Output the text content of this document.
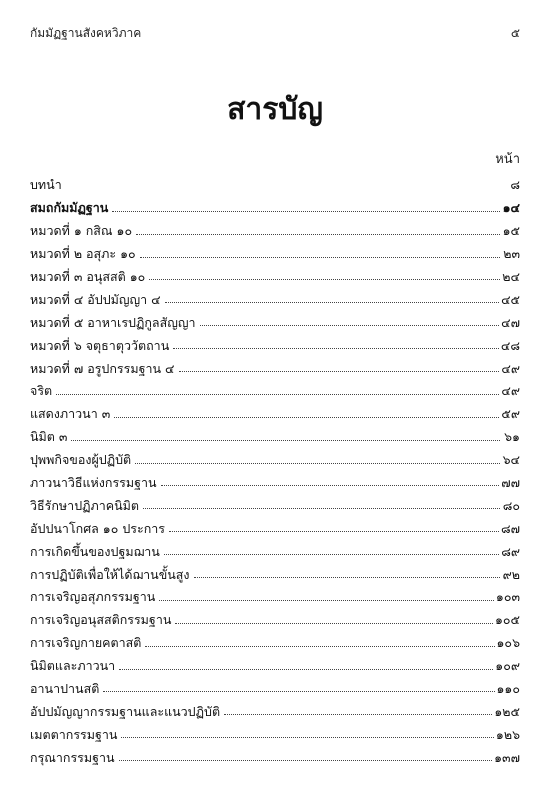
กัมมัฏฐานสังคหวิภาค	๕
สารบัญ
หน้า
บทนำ	๘
สมถกัมมัฏฐาน	๑๔
หมวดที่ ๑ กสิณ ๑๐	๑๕
หมวดที่ ๒ อสุภะ ๑๐	๒๓
หมวดที่ ๓ อนุสสติ ๑๐	๒๔
หมวดที่ ๔ อัปปมัญญา ๔	๔๕
หมวดที่ ๕ อาหาเรปฏิกูลสัญญา	๔๗
หมวดที่ ๖ จตุธาตุววัตถาน	๔๘
หมวดที่ ๗ อรูปกรรมฐาน ๔	๔๙
จริต	๔๙
แสดงภาวนา ๓	๕๙
นิมิต ๓	๖๑
ปุพพกิจของผู้ปฏิบัติ	๖๔
ภาวนาวิธีแห่งกรรมฐาน	๗๗
วิธีรักษาปฏิภาคนิมิต	๘๐
อัปปนาโกศล ๑๐ ประการ	๘๗
การเกิดขึ้นของปฐมฌาน	๘๙
การปฏิบัติเพื่อให้ได้ฌานขั้นสูง	๙๒
การเจริญอสุภกรรมฐาน	๑๐๓
การเจริญอนุสสติกรรมฐาน	๑๐๕
การเจริญกายคตาสติ	๑๐๖
นิมิตและภาวนา	๑๐๙
อานาปานสติ	๑๑๐
อัปปมัญญากรรมฐานและแนวปฏิบัติ	๑๒๕
เมตตากรรมฐาน	๑๒๖
กรุณากรรมฐาน	๑๓๗
